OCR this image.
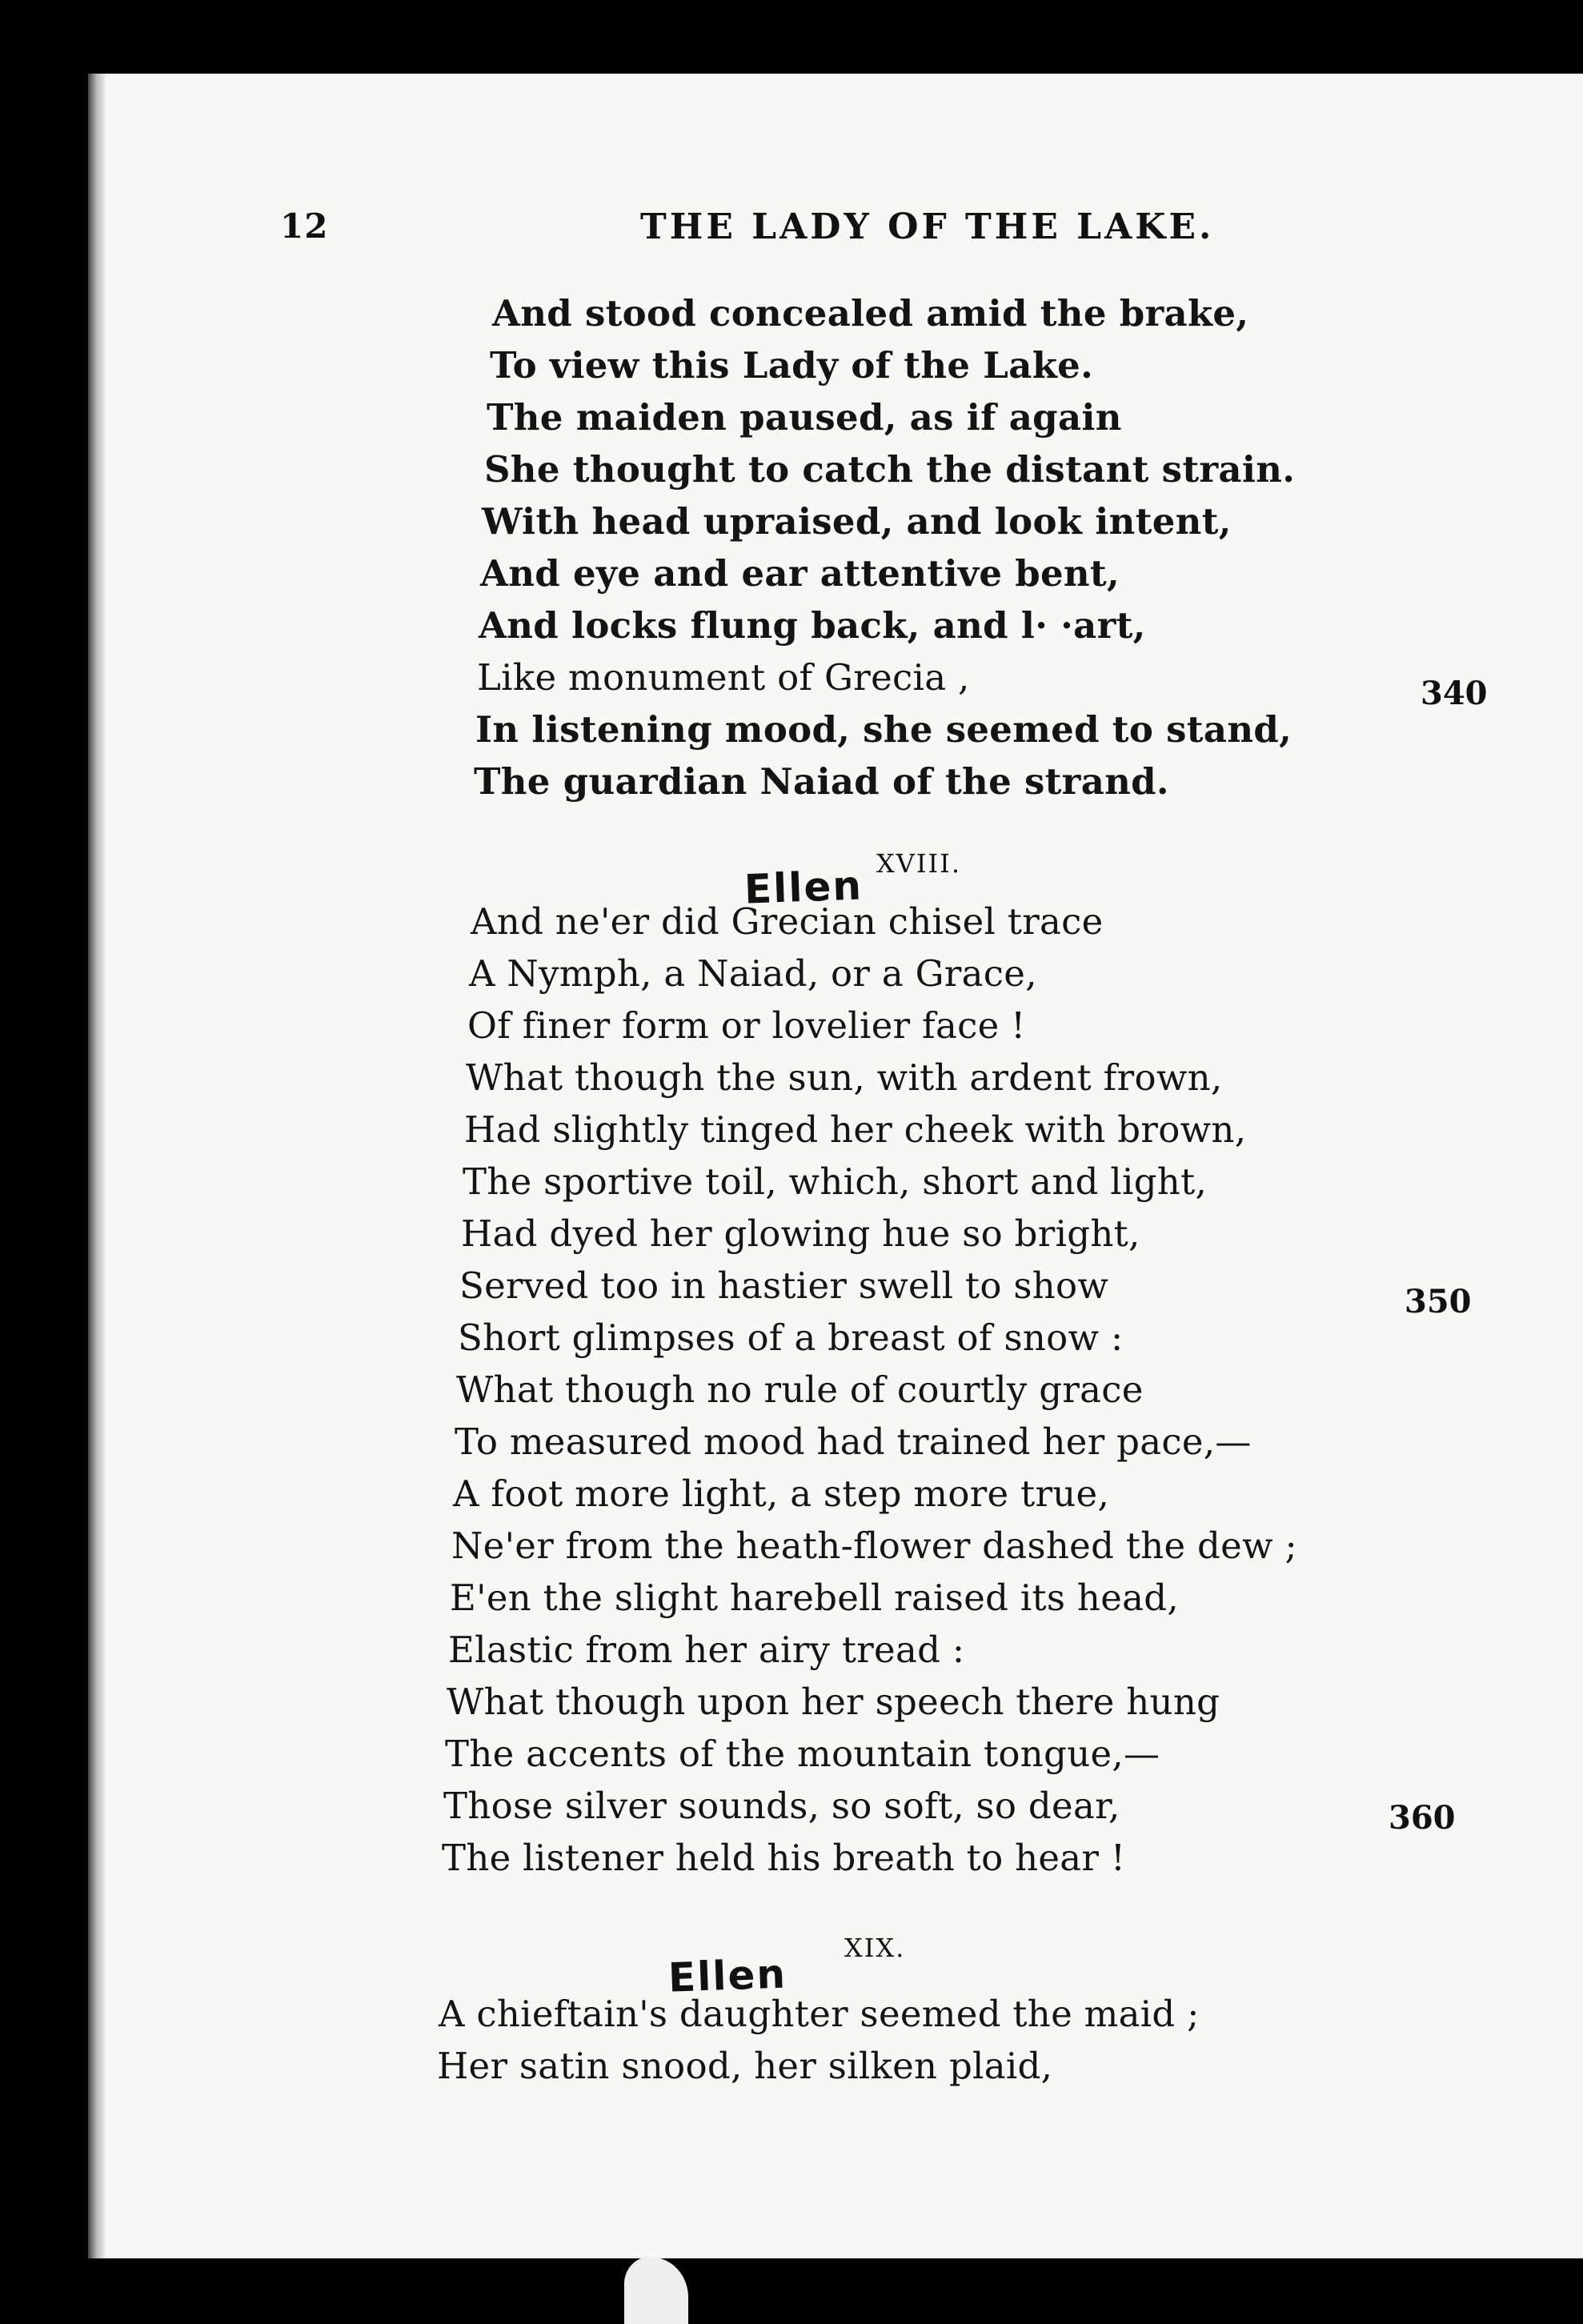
12	THE LADY OF THE LAKE.
And stood concealed amid the brake,
To view this Lady of the Lake.
The maiden paused, as if again
She thought to catch the distant strain.
With head upraised, and look intent,
And eye and ear attentive bent,
And locks flung back, and l· ·art,
Like monument of Grecia ,	340
In listening mood, she seemed to stand,
The guardian Naiad of the strand.
XVIII.
Ellen
And ne'er did Grecian chisel trace
A Nymph, a Naiad, or a Grace,
Of finer form or lovelier face !
What though the sun, with ardent frown,
Had slightly tinged her cheek with brown,
The sportive toil, which, short and light,
Had dyed her glowing hue so bright,
Served too in hastier swell to show	350
Short glimpses of a breast of snow :
What though no rule of courtly grace
To measured mood had trained her pace,—
A foot more light, a step more true,
Ne'er from the heath-flower dashed the dew ;
E'en the slight harebell raised its head,
Elastic from her airy tread :
What though upon her speech there hung
The accents of the mountain tongue,—
Those silver sounds, so soft, so dear,	360
The listener held his breath to hear !
XIX.
Ellen
A chieftain's daughter seemed the maid ;
Her satin snood, her silken plaid,
